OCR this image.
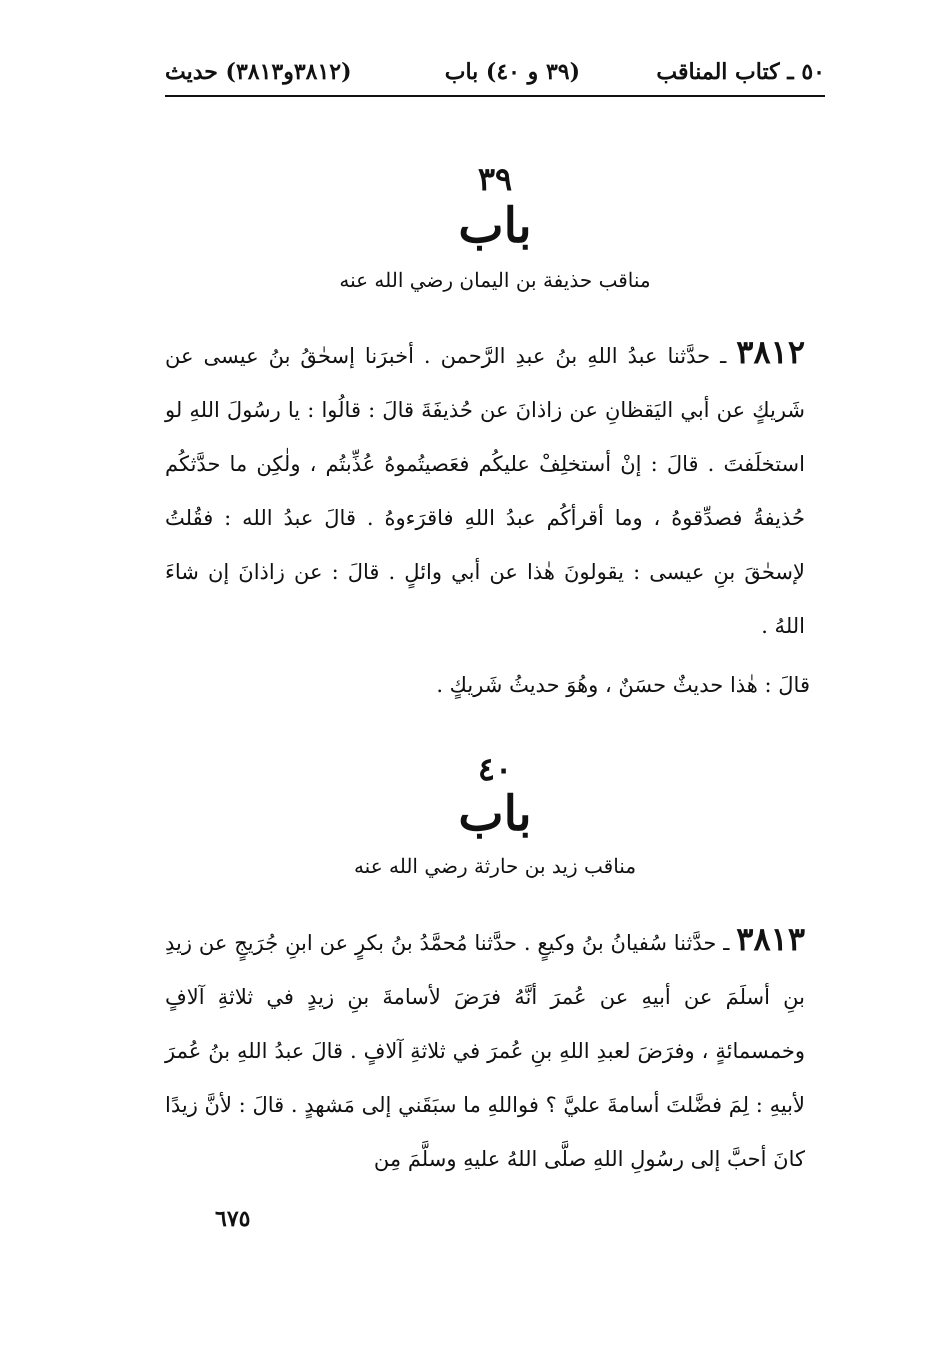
٥٠ ـ كتاب المناقب
(٣٩ و ٤٠) باب
(٣٨١٢و٣٨١٣) حديث
٣٩
باب
مناقب حذيفة بن اليمان رضي الله عنه
٣٨١٢ ـ حدَّثنا عبدُ اللهِ بنُ عبدِ الرَّحمن . أخبرَنا إسحٰقُ بنُ عيسى عن شَريكٍ عن أبي اليَقظانِ عن زاذانَ عن حُذيفَةَ قالَ : قالُوا : يا رسُولَ اللهِ لو استخلَفتَ . قالَ : إنْ أستخلِفْ عليكُم فعَصيتُموهُ عُذِّبتُم ، ولٰكِن ما حدَّثكُم حُذيفةُ فصدِّقوهُ ، وما أقرأكُم عبدُ اللهِ فاقرَءوهُ . قالَ عبدُ الله : فقُلتُ لإسحٰقَ بنِ عيسى : يقولونَ هٰذا عن أبي وائلٍ . قالَ : عن زاذانَ إن شاءَ اللهُ .
قالَ : هٰذا حديثٌ حسَنٌ ، وهُوَ حديثُ شَريكٍ .
٤٠
باب
مناقب زيد بن حارثة رضي الله عنه
٣٨١٣ ـ حدَّثنا سُفيانُ بنُ وكيعٍ . حدَّثنا مُحمَّدُ بنُ بكرٍ عن ابنِ جُرَيجٍ عن زيدِ بنِ أسلَمَ عن أبيهِ عن عُمرَ أنَّهُ فرَضَ لأسامةَ بنِ زيدٍ في ثلاثةِ آلافٍ وخمسمائةٍ ، وفرَضَ لعبدِ اللهِ بنِ عُمرَ في ثلاثةِ آلافٍ . قالَ عبدُ اللهِ بنُ عُمرَ لأبيهِ : لِمَ فضَّلتَ أسامةَ عليَّ ؟ فواللهِ ما سبَقَني إلى مَشهدٍ . قالَ : لأنَّ زيدًا كانَ أحبَّ إلى رسُولِ اللهِ صلَّى اللهُ عليهِ وسلَّمَ مِن
٦٧٥
